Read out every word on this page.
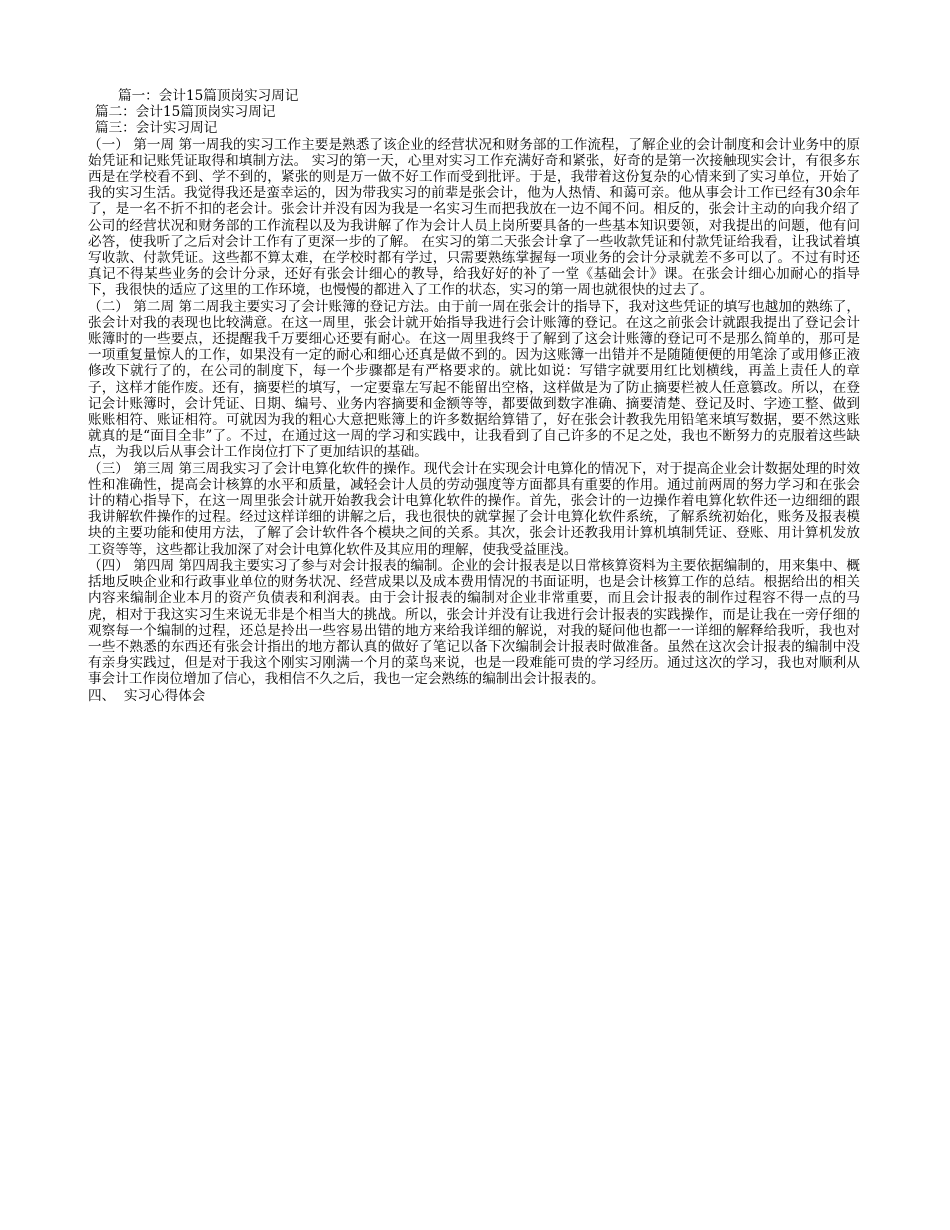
篇一：会计15篇顶岗实习周记

篇二：会计15篇顶岗实习周记

篇三：会计实习周记

（一） 第一周 第一周我的实习工作主要是熟悉了该企业的经营状况和财务部的工作流程，了解企业的会计制度和会计业务中的原始凭证和记账凭证取得和填制方法。 实习的第一天，心里对实习工作充满好奇和紧张，好奇的是第一次接触现实会计，有很多东西是在学校看不到、学不到的，紧张的则是万一做不好工作而受到批评。于是，我带着这份复杂的心情来到了实习单位，开始了我的实习生活。我觉得我还是蛮幸运的，因为带我实习的前辈是张会计，他为人热情、和蔼可亲。他从事会计工作已经有30余年了，是一名不折不扣的老会计。张会计并没有因为我是一名实习生而把我放在一边不闻不问。相反的，张会计主动的向我介绍了公司的经营状况和财务部的工作流程以及为我讲解了作为会计人员上岗所要具备的一些基本知识要领，对我提出的问题，他有问必答，使我听了之后对会计工作有了更深一步的了解。 在实习的第二天张会计拿了一些收款凭证和付款凭证给我看，让我试着填写收款、付款凭证。这些都不算太难，在学校时都有学过，只需要熟练掌握每一项业务的会计分录就差不多可以了。不过有时还真记不得某些业务的会计分录，还好有张会计细心的教导，给我好好的补了一堂《基础会计》课。在张会计细心加耐心的指导下，我很快的适应了这里的工作环境，也慢慢的都进入了工作的状态，实习的第一周也就很快的过去了。

（二） 第二周 第二周我主要实习了会计账簿的登记方法。由于前一周在张会计的指导下，我对这些凭证的填写也越加的熟练了，张会计对我的表现也比较满意。在这一周里，张会计就开始指导我进行会计账簿的登记。在这之前张会计就跟我提出了登记会计账簿时的一些要点，还提醒我千万要细心还要有耐心。在这一周里我终于了解到了这会计账簿的登记可不是那么简单的，那可是一项重复量惊人的工作，如果没有一定的耐心和细心还真是做不到的。因为这账簿一出错并不是随随便便的用笔涂了或用修正液修改下就行了的，在公司的制度下，每一个步骤都是有严格要求的。就比如说：写错字就要用红比划横线，再盖上责任人的章子，这样才能作废。还有，摘要栏的填写，一定要靠左写起不能留出空格，这样做是为了防止摘要栏被人任意篡改。所以，在登记会计账簿时，会计凭证、日期、编号、业务内容摘要和金额等等，都要做到数字准确、摘要清楚、登记及时、字迹工整、做到账账相符、账证相符。可就因为我的粗心大意把账簿上的许多数据给算错了，好在张会计教我先用铅笔来填写数据，要不然这账就真的是“面目全非”了。不过，在通过这一周的学习和实践中，让我看到了自己许多的不足之处，我也不断努力的克服着这些缺点，为我以后从事会计工作岗位打下了更加结识的基础。

（三） 第三周 第三周我实习了会计电算化软件的操作。现代会计在实现会计电算化的情况下，对于提高企业会计数据处理的时效性和准确性，提高会计核算的水平和质量，减轻会计人员的劳动强度等方面都具有重要的作用。通过前两周的努力学习和在张会计的精心指导下，在这一周里张会计就开始教我会计电算化软件的操作。首先，张会计的一边操作着电算化软件还一边细细的跟我讲解软件操作的过程。经过这样详细的讲解之后，我也很快的就掌握了会计电算化软件系统，了解系统初始化，账务及报表模块的主要功能和使用方法，了解了会计软件各个模块之间的关系。其次，张会计还教我用计算机填制凭证、登账、用计算机发放工资等等，这些都让我加深了对会计电算化软件及其应用的理解，使我受益匪浅。

（四） 第四周 第四周我主要实习了参与对会计报表的编制。企业的会计报表是以日常核算资料为主要依据编制的，用来集中、概括地反映企业和行政事业单位的财务状况、经营成果以及成本费用情况的书面证明，也是会计核算工作的总结。根据给出的相关内容来编制企业本月的资产负债表和利润表。由于会计报表的编制对企业非常重要，而且会计报表的制作过程容不得一点的马虎，相对于我这实习生来说无非是个相当大的挑战。所以，张会计并没有让我进行会计报表的实践操作，而是让我在一旁仔细的观察每一个编制的过程，还总是拎出一些容易出错的地方来给我详细的解说，对我的疑问他也都一一详细的解释给我听，我也对一些不熟悉的东西还有张会计指出的地方都认真的做好了笔记以备下次编制会计报表时做准备。虽然在这次会计报表的编制中没有亲身实践过，但是对于我这个刚实习刚满一个月的菜鸟来说，也是一段难能可贵的学习经历。通过这次的学习，我也对顺利从事会计工作岗位增加了信心，我相信不久之后，我也一定会熟练的编制出会计报表的。

四、  实习心得体会
